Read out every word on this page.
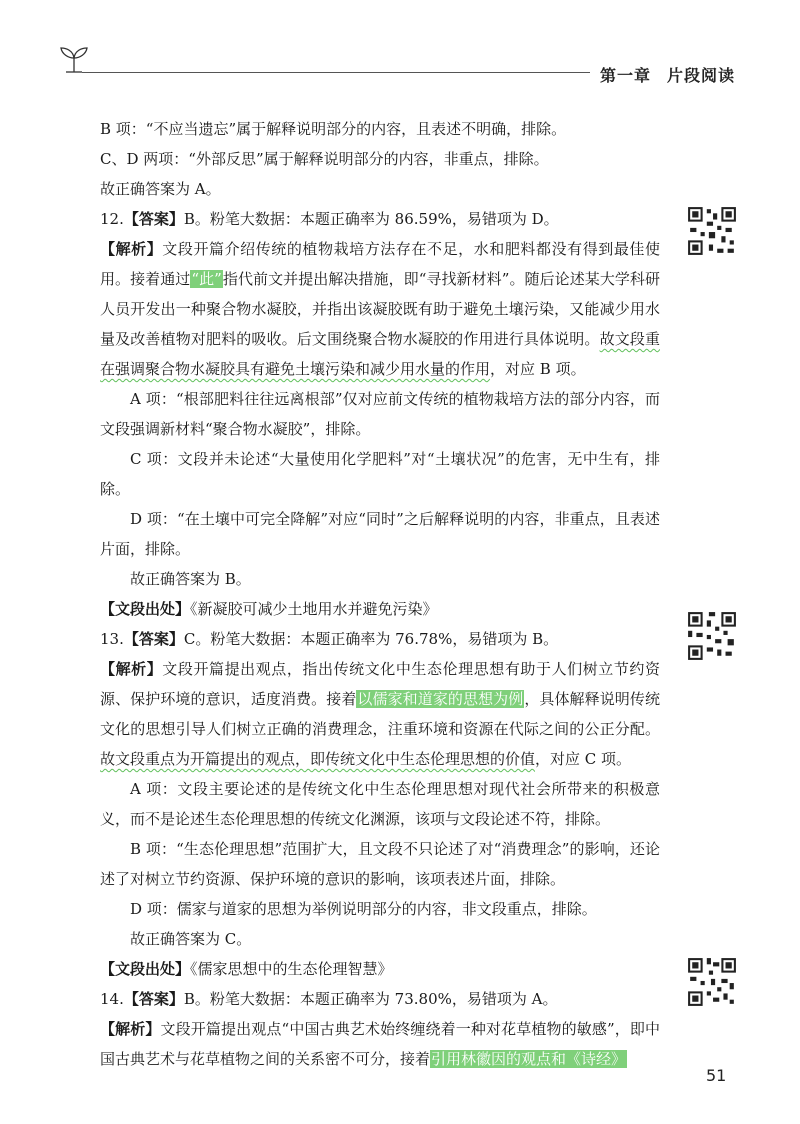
第一章 片段阅读

B 项：“不应当遗忘”属于解释说明部分的内容，且表述不明确，排除。

C、D 两项：“外部反思”属于解释说明部分的内容，非重点，排除。

故正确答案为 A。

12.【答案】B。粉笔大数据：本题正确率为 86.59%，易错项为 D。

【解析】文段开篇介绍传统的植物栽培方法存在不足，水和肥料都没有得到最佳使用。接着通过“此”指代前文并提出解决措施，即“寻找新材料”。随后论述某大学科研人员开发出一种聚合物水凝胶，并指出该凝胶既有助于避免土壤污染，又能减少用水量及改善植物对肥料的吸收。后文围绕聚合物水凝胶的作用进行具体说明。故文段重在强调聚合物水凝胶具有避免土壤污染和减少用水量的作用，对应 B 项。

A 项：“根部肥料往往远离根部”仅对应前文传统的植物栽培方法的部分内容，而文段强调新材料“聚合物水凝胶”，排除。

C 项：文段并未论述“大量使用化学肥料”对“土壤状况”的危害，无中生有，排除。

D 项：“在土壤中可完全降解”对应“同时”之后解释说明的内容，非重点，且表述片面，排除。

故正确答案为 B。

【文段出处】《新凝胶可减少土地用水并避免污染》

13.【答案】C。粉笔大数据：本题正确率为 76.78%，易错项为 B。

【解析】文段开篇提出观点，指出传统文化中生态伦理思想有助于人们树立节约资源、保护环境的意识，适度消费。接着以儒家和道家的思想为例，具体解释说明传统文化的思想引导人们树立正确的消费理念，注重环境和资源在代际之间的公正分配。故文段重点为开篇提出的观点，即传统文化中生态伦理思想的价值，对应 C 项。

A 项：文段主要论述的是传统文化中生态伦理思想对现代社会所带来的积极意义，而不是论述生态伦理思想的传统文化渊源，该项与文段论述不符，排除。

B 项：“生态伦理思想”范围扩大，且文段不只论述了对“消费理念”的影响，还论述了对树立节约资源、保护环境的意识的影响，该项表述片面，排除。

D 项：儒家与道家的思想为举例说明部分的内容，非文段重点，排除。

故正确答案为 C。

【文段出处】《儒家思想中的生态伦理智慧》

14.【答案】B。粉笔大数据：本题正确率为 73.80%，易错项为 A。

【解析】文段开篇提出观点“中国古典艺术始终缠绕着一种对花草植物的敏感”，即中国古典艺术与花草植物之间的关系密不可分，接着引用林徽因的观点和《诗经》

51
